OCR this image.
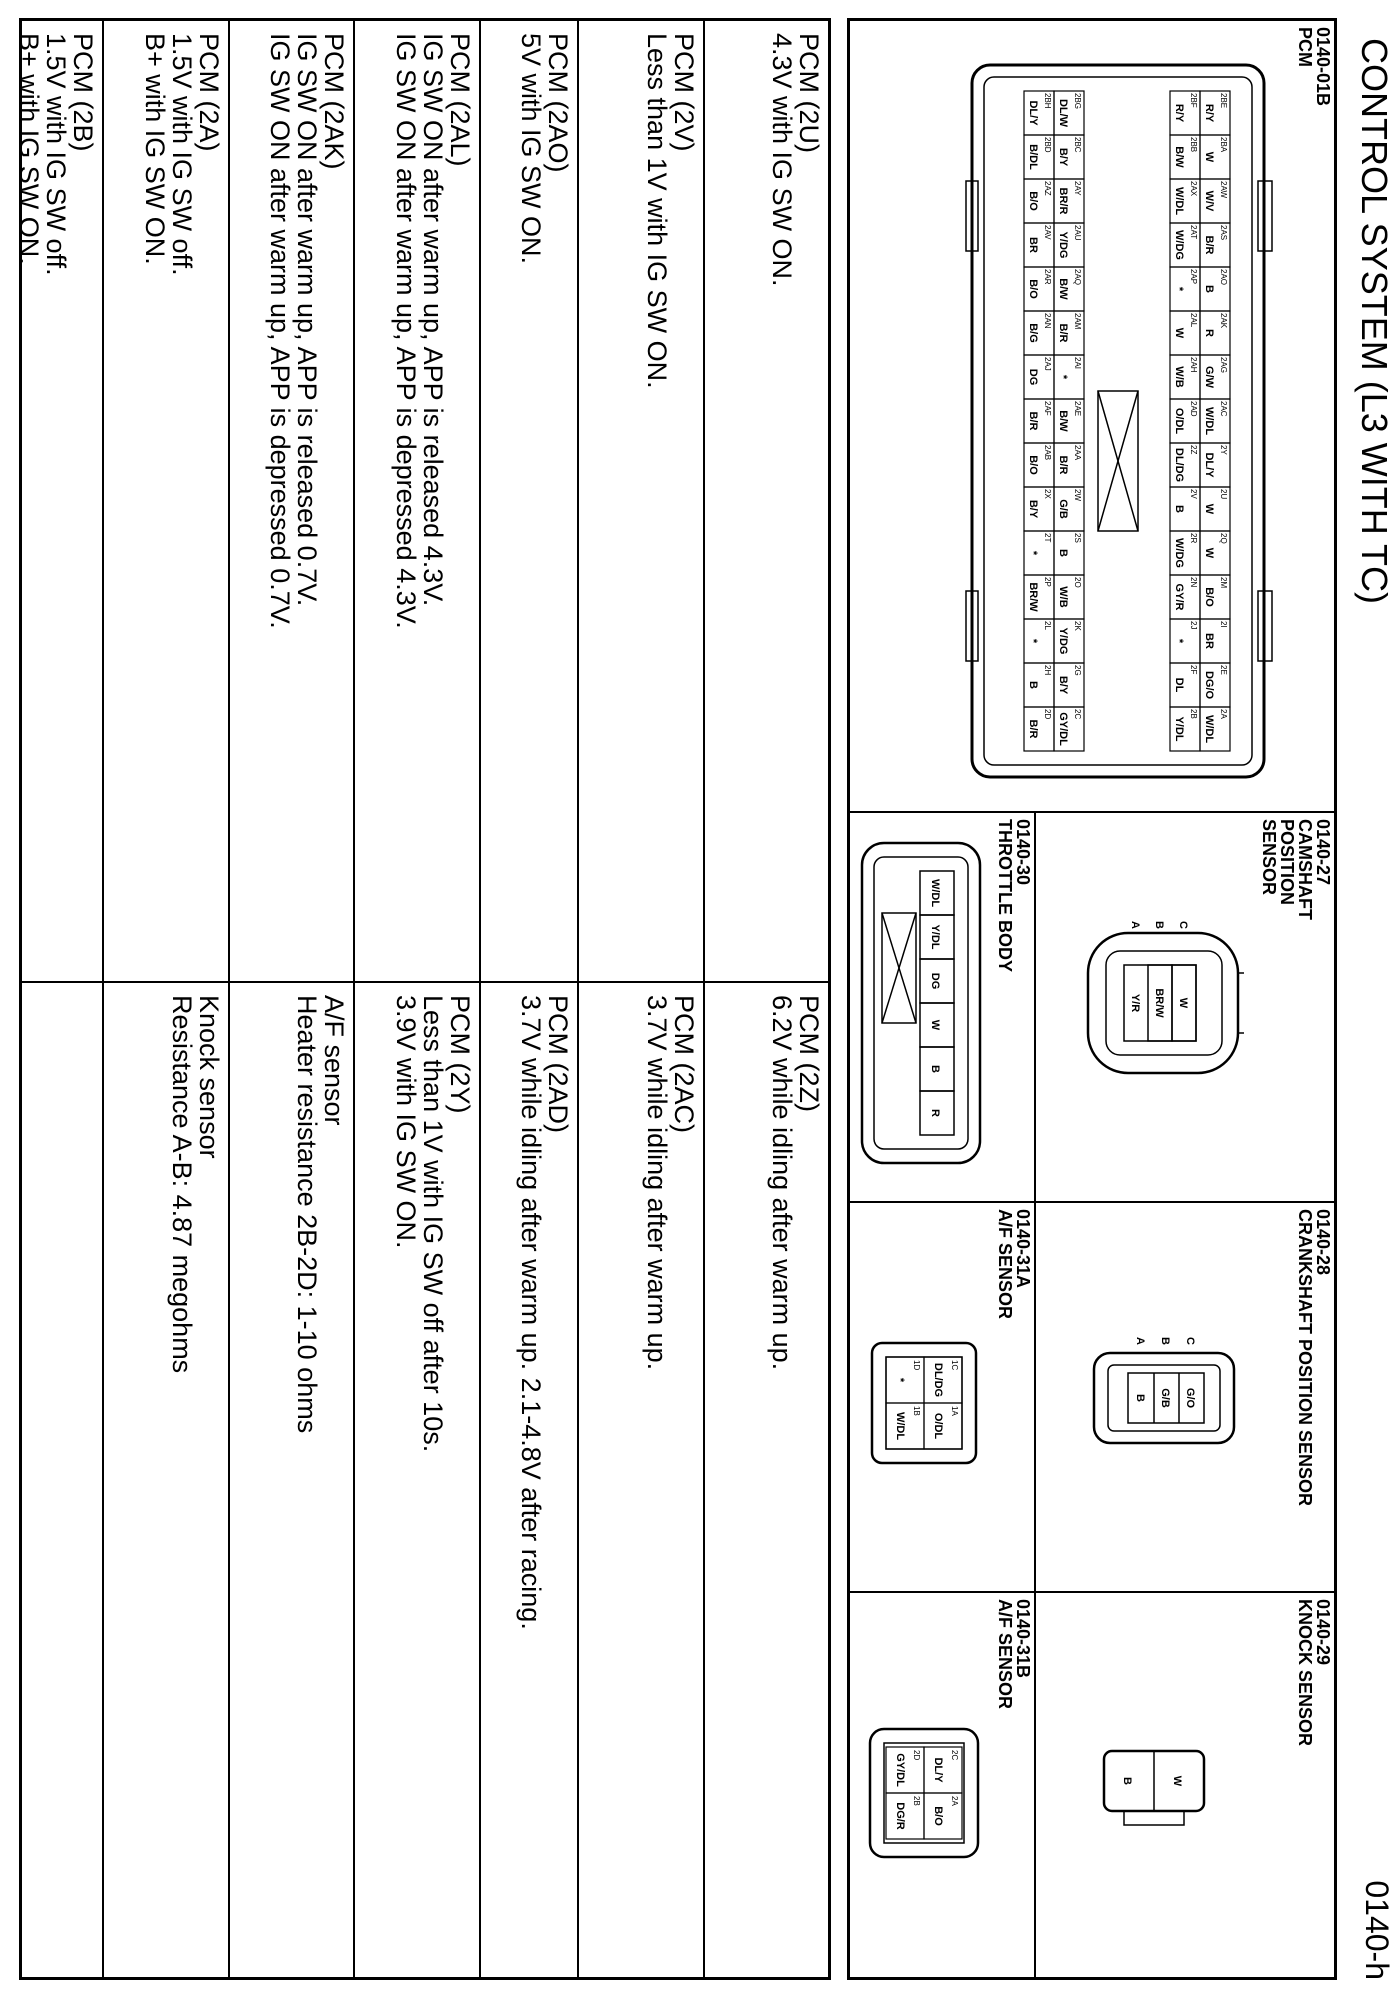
CONTROL SYSTEM (L3 WITH TC)
0140-h
0140-01B
PCM
2BE
R/Y
2BA
W
2AW
W/V
2AS
B/R
2AO
B
2AK
R
2AG
G/W
2AC
W/DL
2Y
DL/Y
2U
W
2Q
W
2M
B/O
2I
BR
2E
DG/O
2A
W/DL
2BF
R/Y
2BB
B/W
2AX
W/DL
2AT
W/DG
2AP
*
2AL
W
2AH
W/B
2AD
O/DL
2Z
DL/DG
2V
B
2R
W/DG
2N
GY/R
2J
*
2F
DL
2B
Y/DL
2BG
DL/W
2BC
B/Y
2AY
BR/R
2AU
Y/DG
2AQ
B/W
2AM
B/R
2AI
*
2AE
B/W
2AA
B/R
2W
G/B
2S
B
2O
W/B
2K
Y/DG
2G
B/Y
2C
GY/DL
2BH
DL/Y
2BD
B/DL
2AZ
B/O
2AV
BR
2AR
B/O
2AN
B/G
2AJ
DG
2AF
B/R
2AB
B/O
2X
B/Y
2T
*
2P
BR/W
2L
*
2H
B
2D
B/R
0140-27
CAMSHAFT
POSITION
SENSOR
W
BR/W
Y/R
C
B
A
0140-28
CRANKSHAFT POSITION SENSOR
G/O
G/B
B
C
B
A
0140-29
KNOCK SENSOR
W
B
0140-30
THROTTLE BODY
W/DL
Y/DL
DG
W
B
R
0140-31A
A/F SENSOR
1C
DL/DG
1A
O/DL
1D
*
1B
W/DL
0140-31B
A/F SENSOR
2C
DL/Y
2A
B/O
2D
GY/DL
2B
DG/R
PCM (2U)
4.3V with IG SW ON.
PCM (2Z)
6.2V while idling after warm up.
PCM (2V)
Less than 1V with IG SW ON.
PCM (2AC)
3.7V while idling after warm up.
PCM (2AO)
5V with IG SW ON.
PCM (2AD)
3.7V while idling after warm up. 2.1-4.8V after racing.
PCM (2AL)
IG SW ON after warm up, APP is released 4.3V.
IG SW ON after warm up, APP is depressed 4.3V.
PCM (2Y)
Less than 1V with IG SW off after 10s.
3.9V with IG SW ON.
PCM (2AK)
IG SW ON after warm up, APP is released 0.7V.
IG SW ON after warm up, APP is depressed 0.7V.
A/F sensor
Heater resistance 2B-2D: 1-10 ohms
PCM (2A)
1.5V with IG SW off.
B+ with IG SW ON.
Knock sensor
Resistance A-B: 4.87 megohms
PCM (2B)
1.5V with IG SW off.
B+ with IG SW ON.
